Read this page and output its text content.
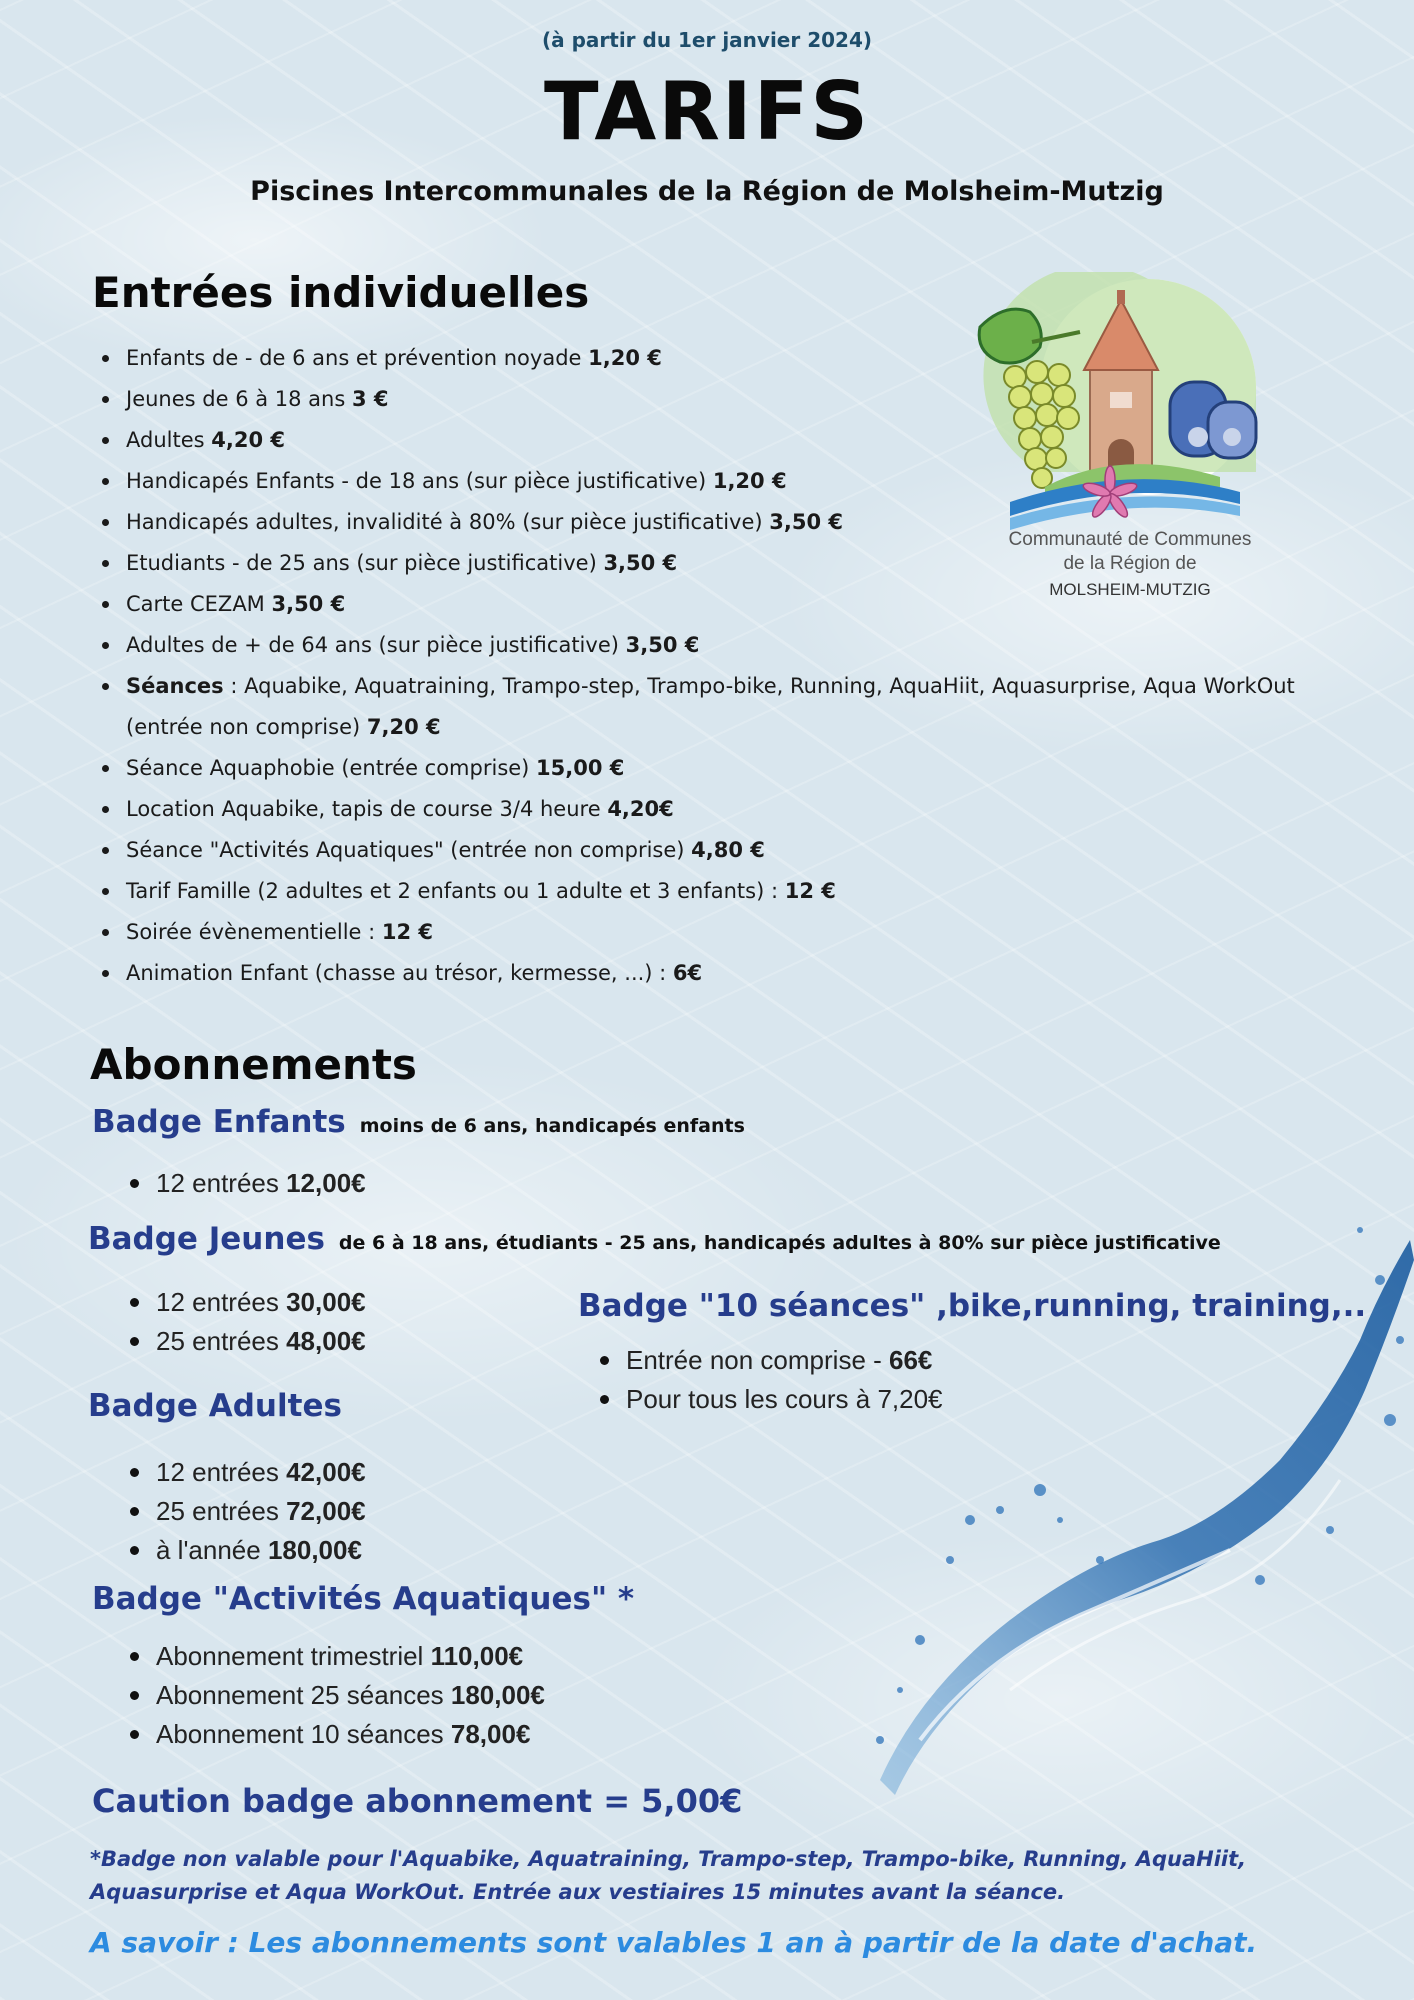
(à partir du 1er janvier 2024)
TARIFS
Piscines Intercommunales de la Région de Molsheim-Mutzig
Communauté de Communes
de la Région de
MOLSHEIM-MUTZIG
Entrées individuelles
Enfants de - de 6 ans et prévention noyade 1,20 €
Jeunes de 6 à 18 ans 3 €
Adultes 4,20 €
Handicapés Enfants - de 18 ans (sur pièce justificative) 1,20 €
Handicapés adultes, invalidité à 80% (sur pièce justificative) 3,50 €
Etudiants - de 25 ans (sur pièce justificative) 3,50 €
Carte CEZAM 3,50 €
Adultes de + de 64 ans (sur pièce justificative) 3,50 €
Séances : Aquabike, Aquatraining, Trampo-step, Trampo-bike, Running, AquaHiit, Aquasurprise, Aqua WorkOut (entrée non comprise) 7,20 €
Séance Aquaphobie (entrée comprise) 15,00 €
Location Aquabike, tapis de course 3/4 heure 4,20€
Séance "Activités Aquatiques" (entrée non comprise) 4,80 €
Tarif Famille (2 adultes et 2 enfants ou 1 adulte et 3 enfants) : 12 €
Soirée évènementielle : 12 €
Animation Enfant (chasse au trésor, kermesse, ...) : 6€
Abonnements
Badge Enfants moins de 6 ans, handicapés enfants
12 entrées 12,00€
Badge Jeunes de 6 à 18 ans, étudiants - 25 ans, handicapés adultes à 80% sur pièce justificative
12 entrées 30,00€
25 entrées 48,00€
Badge Adultes
12 entrées 42,00€
25 entrées 72,00€
à l'année 180,00€
Badge "Activités Aquatiques" *
Abonnement trimestriel 110,00€
Abonnement 25 séances 180,00€
Abonnement 10 séances 78,00€
Badge "10 séances" ,bike,running, training,..
Entrée non comprise - 66€
Pour tous les cours à 7,20€
Caution badge abonnement = 5,00€
*Badge non valable pour l'Aquabike, Aquatraining, Trampo-step, Trampo-bike, Running, AquaHiit, Aquasurprise et Aqua WorkOut. Entrée aux vestiaires 15 minutes avant la séance.
A savoir : Les abonnements sont valables 1 an à partir de la date d'achat.
